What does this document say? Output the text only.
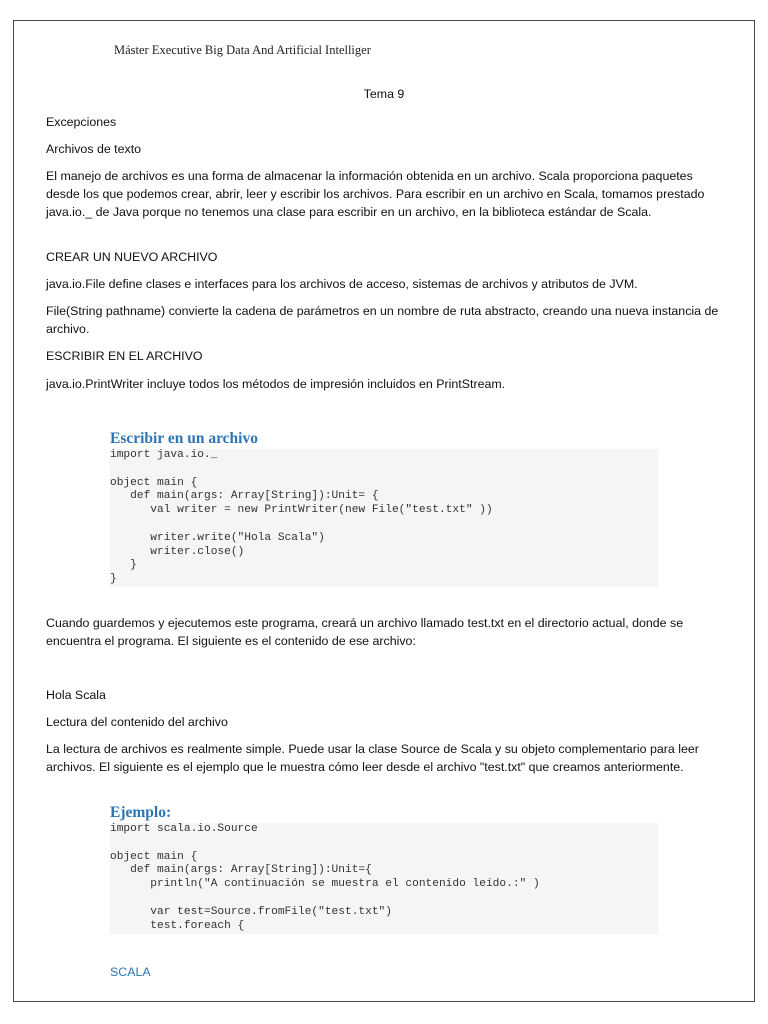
Máster Executive Big Data And Artificial Intelliger
Tema 9
Excepciones
Archivos de texto
El manejo de archivos es una forma de almacenar la información obtenida en un archivo. Scala proporciona paquetes desde los que podemos crear, abrir, leer y escribir los archivos. Para escribir en un archivo en Scala, tomamos prestado java.io._ de Java porque no tenemos una clase para escribir en un archivo, en la biblioteca estándar de Scala.
CREAR UN NUEVO ARCHIVO
java.io.File define clases e interfaces para los archivos de acceso, sistemas de archivos y atributos de JVM.
File(String pathname) convierte la cadena de parámetros en un nombre de ruta abstracto, creando una nueva instancia de archivo.
ESCRIBIR EN EL ARCHIVO
java.io.PrintWriter incluye todos los métodos de impresión incluidos en PrintStream.
Escribir en un archivo
import java.io._

object main {
def main(args: Array[String]):Unit= {
val writer = new PrintWriter(new File("test.txt" ))

writer.write("Hola Scala")
writer.close()
}
}
Cuando guardemos y ejecutemos este programa, creará un archivo llamado test.txt en el directorio actual, donde se encuentra el programa. El siguiente es el contenido de ese archivo:
Hola Scala
Lectura del contenido del archivo
La lectura de archivos es realmente simple. Puede usar la clase Source de Scala y su objeto complementario para leer archivos. El siguiente es el ejemplo que le muestra cómo leer desde el archivo "test.txt" que creamos anteriormente.
Ejemplo:
import scala.io.Source

object main {
def main(args: Array[String]):Unit={
println("A continuación se muestra el contenido leído.:" )

var test=Source.fromFile("test.txt")
test.foreach {
SCALA
